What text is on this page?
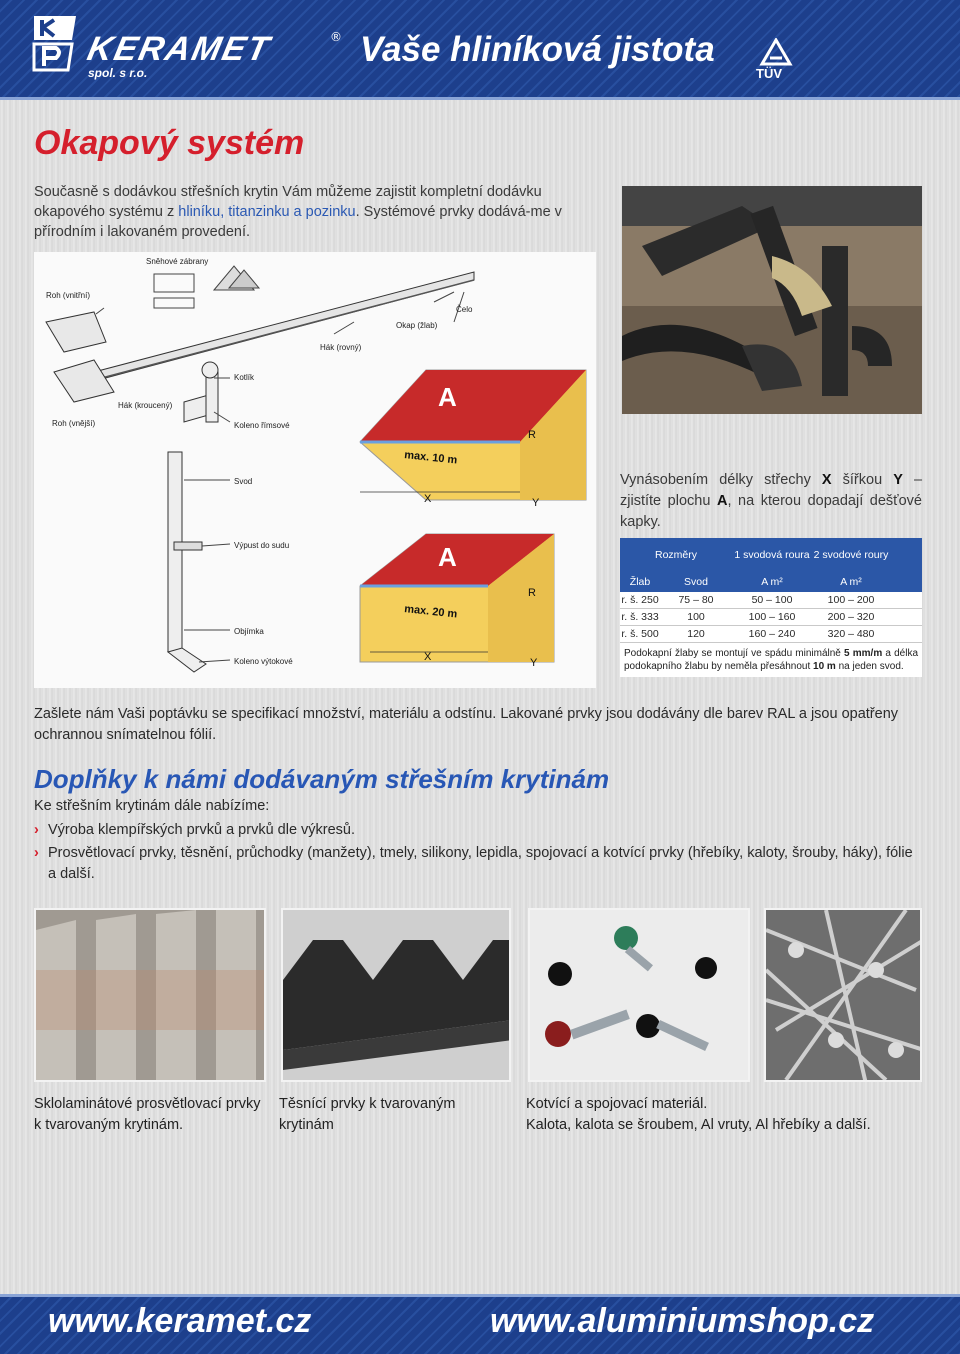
KERAMET	®
spol. s r.o.
Vaše hliníková jistota
TÜV
Okapový systém

Současně s dodávkou střešních krytin Vám můžeme zajistit kompletní dodávku okapového systému z hliníku, titanzinku a pozinku. Systémové prvky dodává-me v přírodním i lakovaném provedení.

A
max. 10 m
X	Y
R
A
max. 20 m
X	Y
R
Sněhové zábrany
Roh (vnitřní)
Čelo
Okap (žlab)
Hák (rovný)
Kotlík
Hák (kroucený)
Roh (vnější)	Koleno římsové
Svod
Výpust do sudu
Objímka
Koleno výtokové

Vynásobením délky střechy X šířkou Y – zjistíte plochu A, na kterou dopadají dešťové kapky.

Rozměry	1 svodová roura 2 svodové roury
Žlab	Svod	A m²	A m²
r. š. 250	75 – 80	50 – 100	100 – 200
r. š. 333	100	100 – 160	200 – 320
r. š. 500	120	160 – 240	320 – 480

Podokapní žlaby se montují ve spádu minimálně 5 mm/m a délka podokapního žlabu by neměla přesáhnout 10 m na jeden svod.

Zašlete nám Vaši poptávku se specifikací množství, materiálu a odstínu. Lakované prvky jsou dodávány dle barev RAL a jsou opatřeny ochrannou snímatelnou fólií.

Doplňky k námi dodávaným střešním krytinám

Ke střešním krytinám dále nabízíme:

› Výroba klempířských prvků a prvků dle výkresů.
› Prosvětlovací prvky, těsnění, průchodky (manžety), tmely, silikony, lepidla, spojovací a kotvící prvky (hřebíky, kaloty, šrouby, háky), fólie a další.

Sklolaminátové prosvětlovací prvky k tvarovaným krytinám.

Těsnící prvky k tvarovaným krytinám

Kotvící a spojovací materiál.
Kalota, kalota se šroubem, Al vruty, Al hřebíky a další.

www.keramet.cz	www.aluminiumshop.cz
